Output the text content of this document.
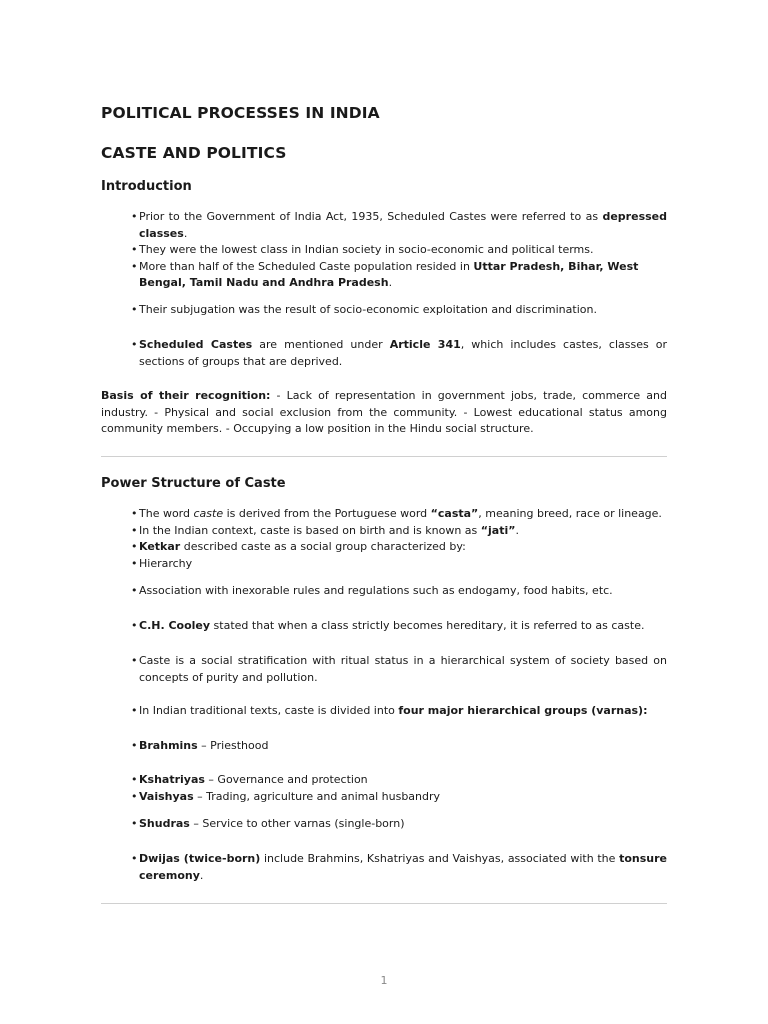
POLITICAL PROCESSES IN INDIA
CASTE AND POLITICS
Introduction
• Prior to the Government of India Act, 1935, Scheduled Castes were referred to as depressed classes.
• They were the lowest class in Indian society in socio-economic and political terms.
• More than half of the Scheduled Caste population resided in Uttar Pradesh, Bihar, West Bengal, Tamil Nadu and Andhra Pradesh.
• Their subjugation was the result of socio-economic exploitation and discrimination.
• Scheduled Castes are mentioned under Article 341, which includes castes, classes or sections of groups that are deprived.
Basis of their recognition: - Lack of representation in government jobs, trade, commerce and industry. - Physical and social exclusion from the community. - Lowest educational status among community members. - Occupying a low position in the Hindu social structure.
Power Structure of Caste
• The word caste is derived from the Portuguese word “casta”, meaning breed, race or lineage.
• In the Indian context, caste is based on birth and is known as “jati”.
• Ketkar described caste as a social group characterized by:
• Hierarchy
• Association with inexorable rules and regulations such as endogamy, food habits, etc.
• C.H. Cooley stated that when a class strictly becomes hereditary, it is referred to as caste.
• Caste is a social stratification with ritual status in a hierarchical system of society based on concepts of purity and pollution.
• In Indian traditional texts, caste is divided into four major hierarchical groups (varnas):
• Brahmins – Priesthood
• Kshatriyas – Governance and protection
• Vaishyas – Trading, agriculture and animal husbandry
• Shudras – Service to other varnas (single-born)
• Dwijas (twice-born) include Brahmins, Kshatriyas and Vaishyas, associated with the tonsure ceremony.
1
